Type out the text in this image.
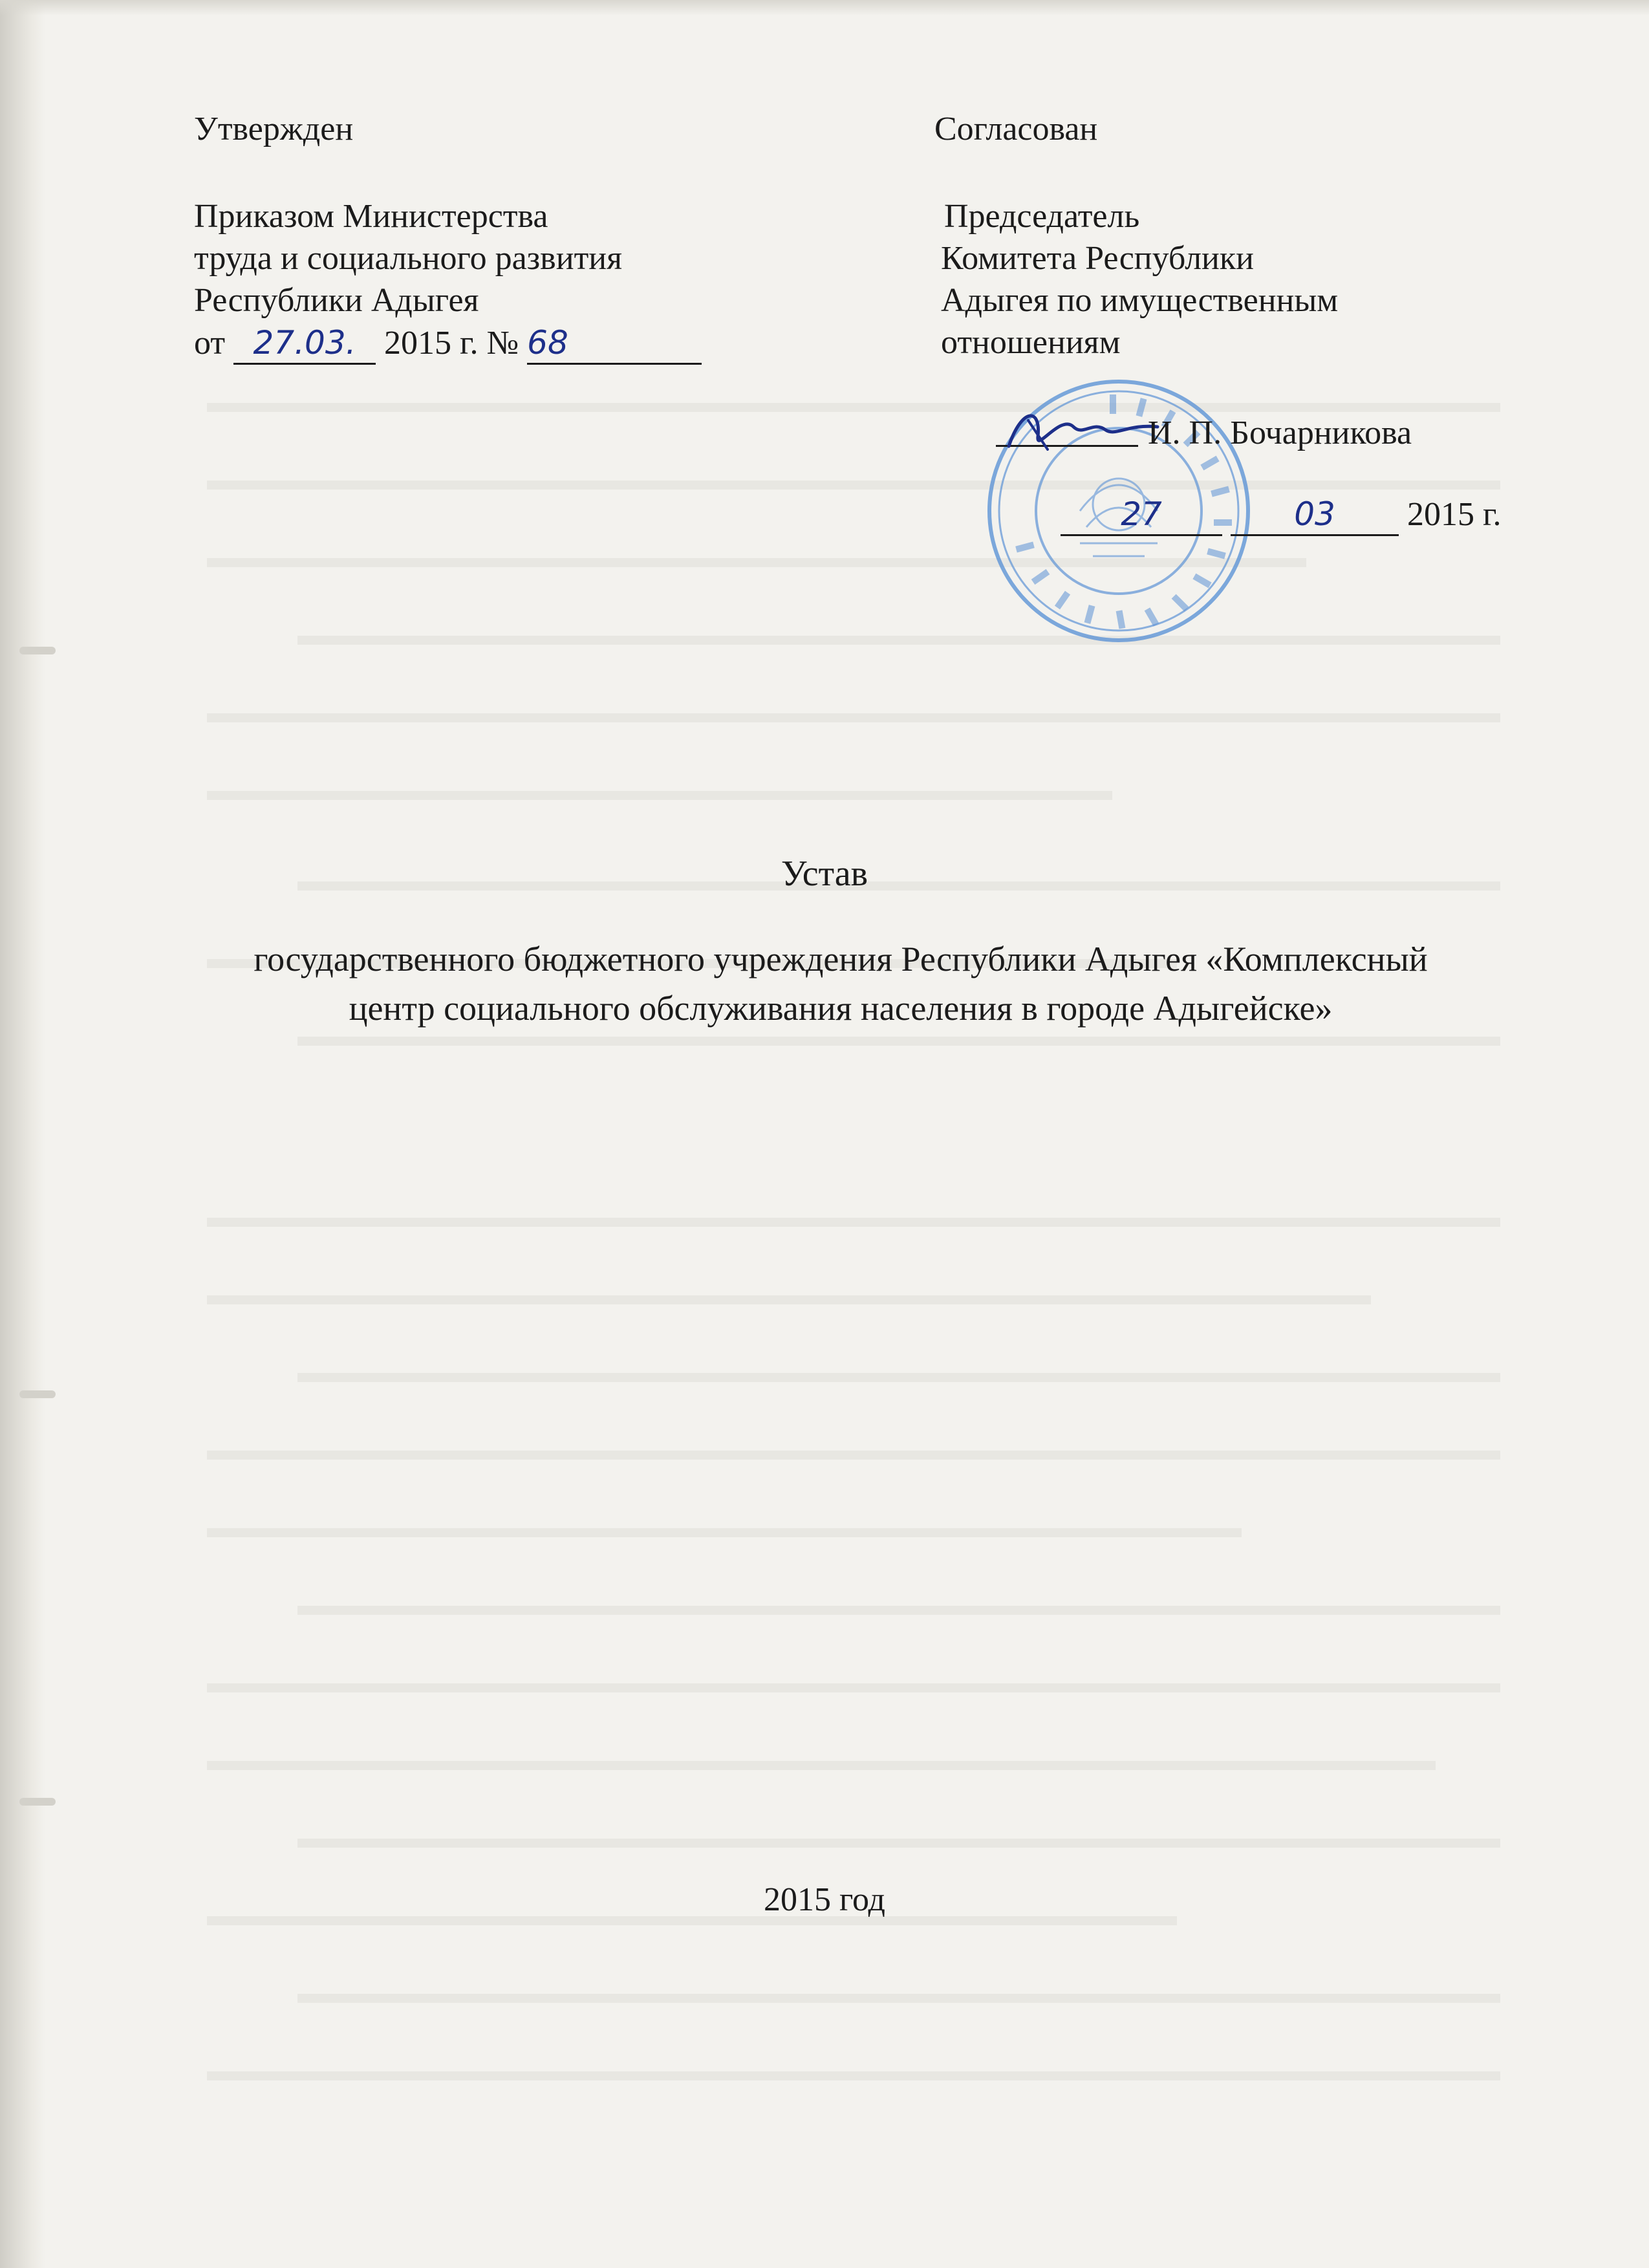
Утвержден
Приказом Министерства
труда и социального развития
Республики Адыгея
от 27.03. 2015 г. № 68
Согласован
Председатель
Комитета Республики
Адыгея по имущественным
отношениям
И. П. Бочарникова
27	03 2015 г.
Устав
государственного бюджетного учреждения Республики Адыгея «Комплексный
центр социального обслуживания населения в городе Адыгейске»
2015 год
